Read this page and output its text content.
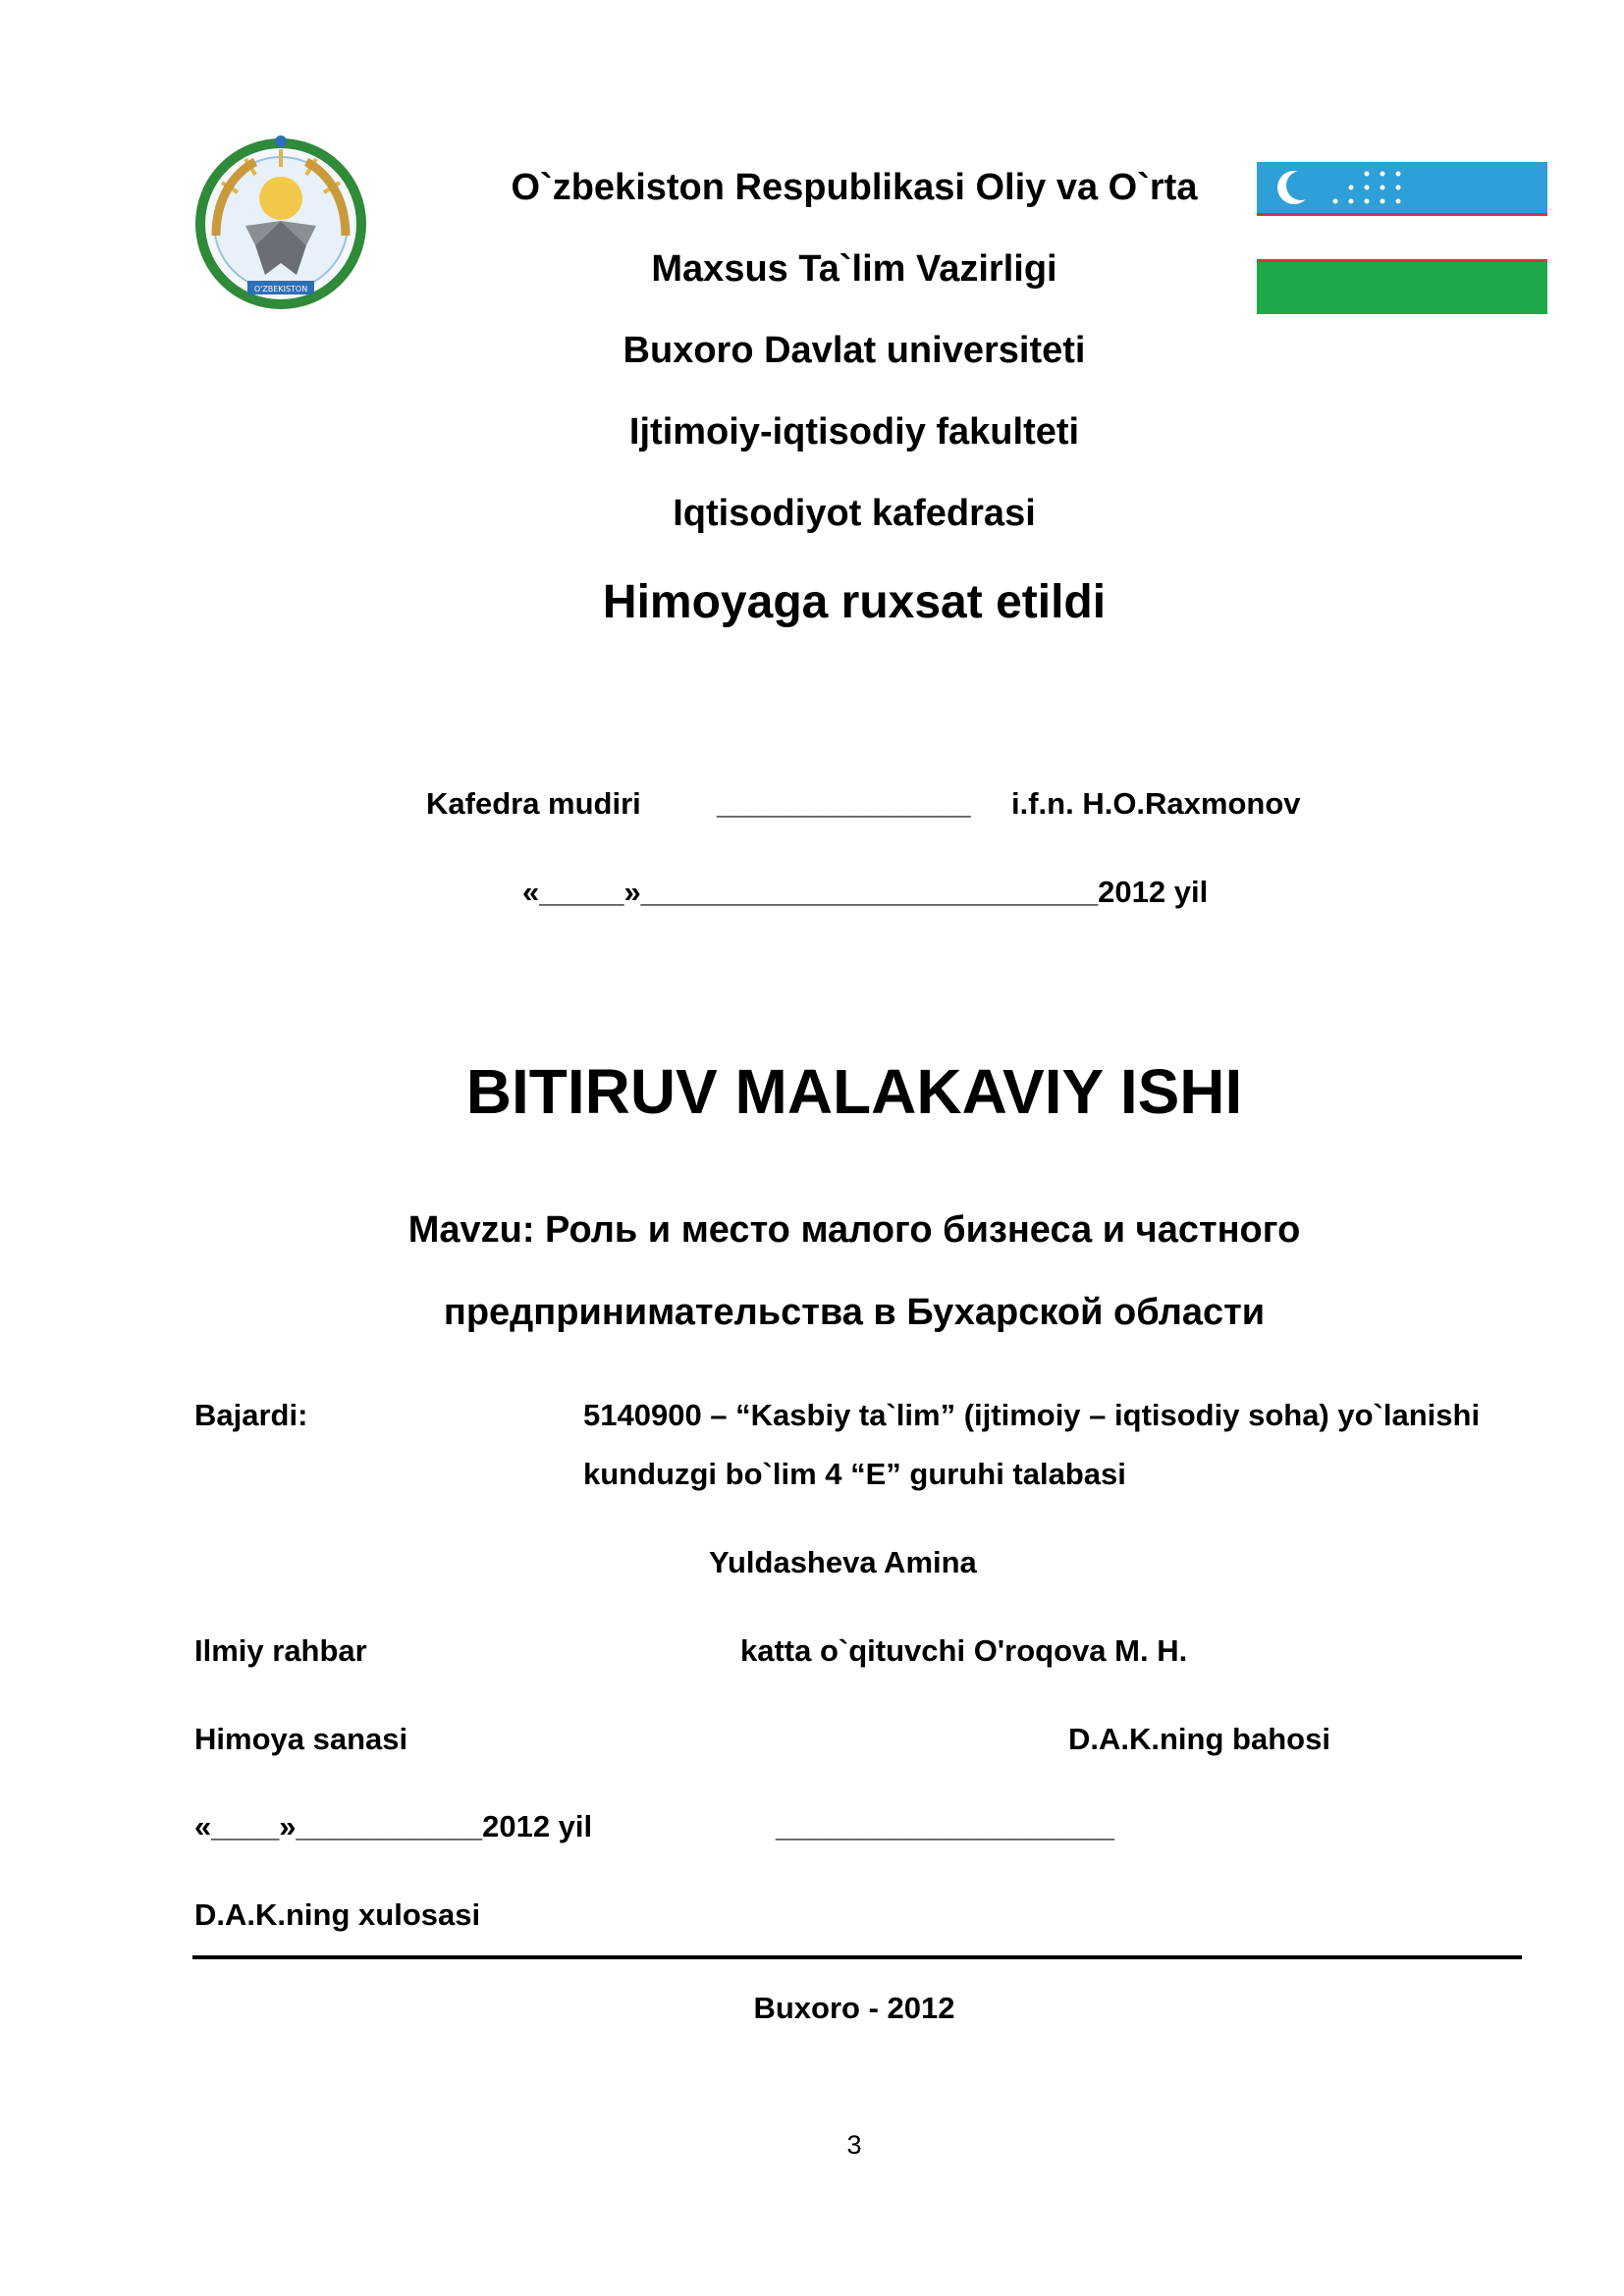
O'ZBEKISTON
O`zbekiston Respublikasi Oliy va O`rta
Maxsus Ta`lim Vazirligi
Buxoro Davlat universiteti
Ijtimoiy-iqtisodiy fakulteti
Iqtisodiyot kafedrasi
Himoyaga ruxsat etildi
Kafedra mudiri _______________ i.f.n. H.O.Raxmonov
«_____»___________________________2012 yil
BITIRUV MALAKAVIY ISHI
Mavzu: Роль и место малого бизнеса и частного
предпринимательства в Бухарской области
Bajardi:	5140900 – “Kasbiy ta`lim” (ijtimoiy – iqtisodiy soha) yo`lanishi
kunduzgi bo`lim 4 “E” guruhi talabasi
Yuldasheva Amina
Ilmiy rahbar	katta o`qituvchi O'roqova M. H.
Himoya sanasi	D.A.K.ning bahosi
«____»___________2012 yil	____________________
D.A.K.ning xulosasi
Buxoro - 2012
3
